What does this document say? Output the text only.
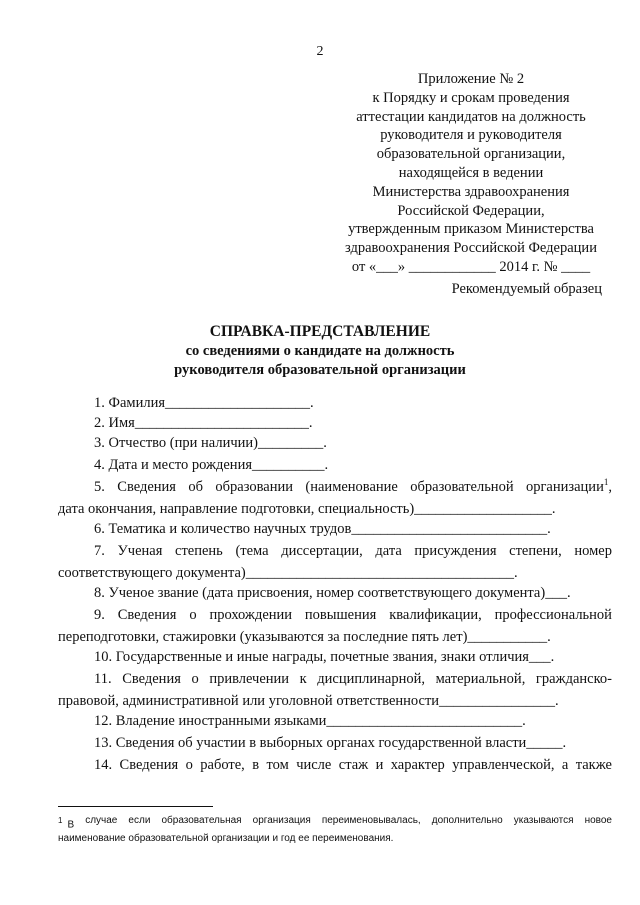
2
Приложение № 2
к Порядку и срокам проведения
аттестации кандидатов на должность
руководителя и руководителя
образовательной организации,
находящейся в ведении
Министерства здравоохранения
Российской Федерации,
утвержденным приказом Министерства
здравоохранения Российской Федерации
от «___» ____________ 2014 г. № ____
Рекомендуемый образец
СПРАВКА-ПРЕДСТАВЛЕНИЕ
со сведениями о кандидате на должность
руководителя образовательной организации
1. Фамилия____________________.
2. Имя________________________.
3. Отчество (при наличии)_________.
4. Дата и место рождения__________.
5. Сведения об образовании (наименование образовательной организации$^1$,
дата окончания, направление подготовки, специальность)___________________.
6. Тематика и количество научных трудов___________________________.
7. Ученая степень (тема диссертации, дата присуждения степени, номер
соответствующего документа)_____________________________________.
8. Ученое звание (дата присвоения, номер соответствующего документа)___.
9. Сведения о прохождении повышения квалификации, профессиональной
переподготовки, стажировки (указываются за последние пять лет)___________.
10. Государственные и иные награды, почетные звания, знаки отличия___.
11. Сведения о привлечении к дисциплинарной, материальной, гражданско-
правовой, административной или уголовной ответственности________________.
12. Владение иностранными языками___________________________.
13. Сведения об участии в выборных органах государственной власти_____.
14. Сведения о работе, в том числе стаж и характер управленческой, а также
$^1$ В случае если образовательная организация переименовывалась, дополнительно указываются новое
наименование образовательной организации и год ее переименования.
